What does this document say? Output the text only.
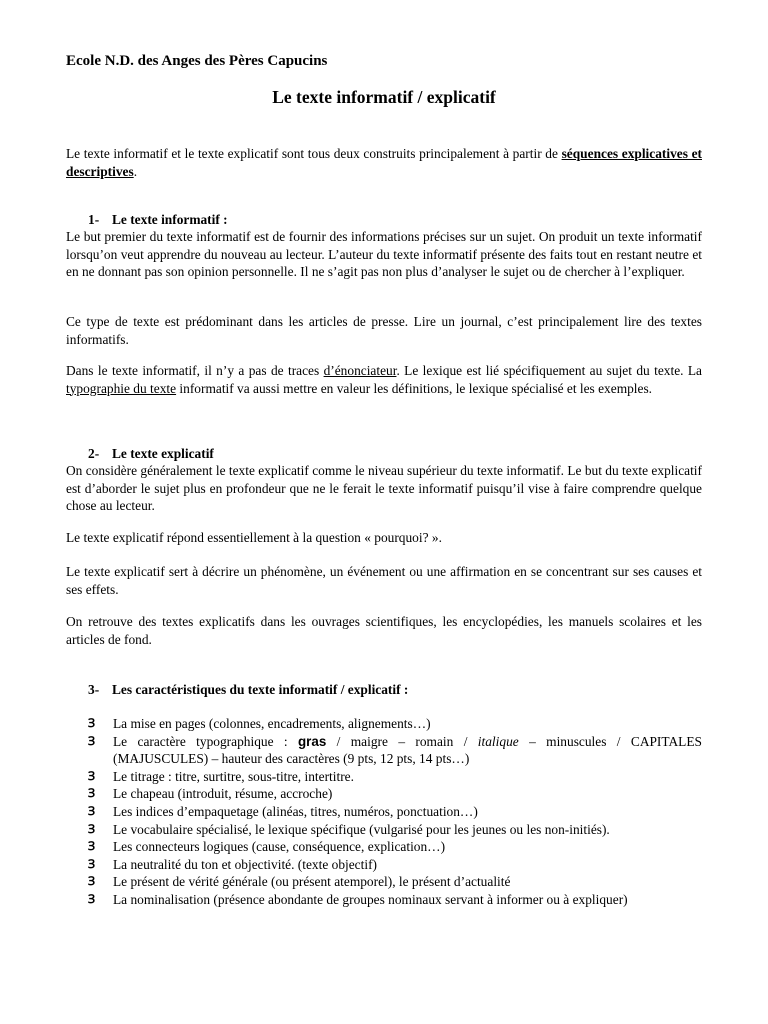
Ecole N.D. des Anges des Pères Capucins

Le texte informatif / explicatif

Le texte informatif et le texte explicatif sont tous deux construits principalement à partir de séquences explicatives et descriptives.

1- Le texte informatif :

Le but premier du texte informatif est de fournir des informations précises sur un sujet. On produit un texte informatif lorsqu’on veut apprendre du nouveau au lecteur. L’auteur du texte informatif présente des faits tout en restant neutre et en ne donnant pas son opinion personnelle. Il ne s’agit pas non plus d’analyser le sujet ou de chercher à l’expliquer.

Ce type de texte est prédominant dans les articles de presse. Lire un journal, c’est principalement lire des textes informatifs.

Dans le texte informatif, il n’y a pas de traces d’énonciateur. Le lexique est lié spécifiquement au sujet du texte. La typographie du texte informatif va aussi mettre en valeur les définitions, le lexique spécialisé et les exemples.

2- Le texte explicatif

On considère généralement le texte explicatif comme le niveau supérieur du texte informatif. Le but du texte explicatif est d’aborder le sujet plus en profondeur que ne le ferait le texte informatif puisqu’il vise à faire comprendre quelque chose au lecteur.

Le texte explicatif répond essentiellement à la question « pourquoi? ».

Le texte explicatif sert à décrire un phénomène, un événement ou une affirmation en se concentrant sur ses causes et ses effets.

On retrouve des textes explicatifs dans les ouvrages scientifiques, les encyclopédies, les manuels scolaires et les articles de fond.

3- Les caractéristiques du texte informatif / explicatif :

Ɜ La mise en pages (colonnes, encadrements, alignements…)
Ɜ Le caractère typographique : gras / maigre – romain / italique – minuscules / CAPITALES (MAJUSCULES) – hauteur des caractères (9 pts, 12 pts, 14 pts…)
Ɜ Le titrage : titre, surtitre, sous-titre, intertitre.
Ɜ Le chapeau (introduit, résume, accroche)
Ɜ Les indices d’empaquetage (alinéas, titres, numéros, ponctuation…)
Ɜ Le vocabulaire spécialisé, le lexique spécifique (vulgarisé pour les jeunes ou les non-initiés).
Ɜ Les connecteurs logiques (cause, conséquence, explication…)
Ɜ La neutralité du ton et objectivité. (texte objectif)
Ɜ Le présent de vérité générale (ou présent atemporel), le présent d’actualité
Ɜ La nominalisation (présence abondante de groupes nominaux servant à informer ou à expliquer)
